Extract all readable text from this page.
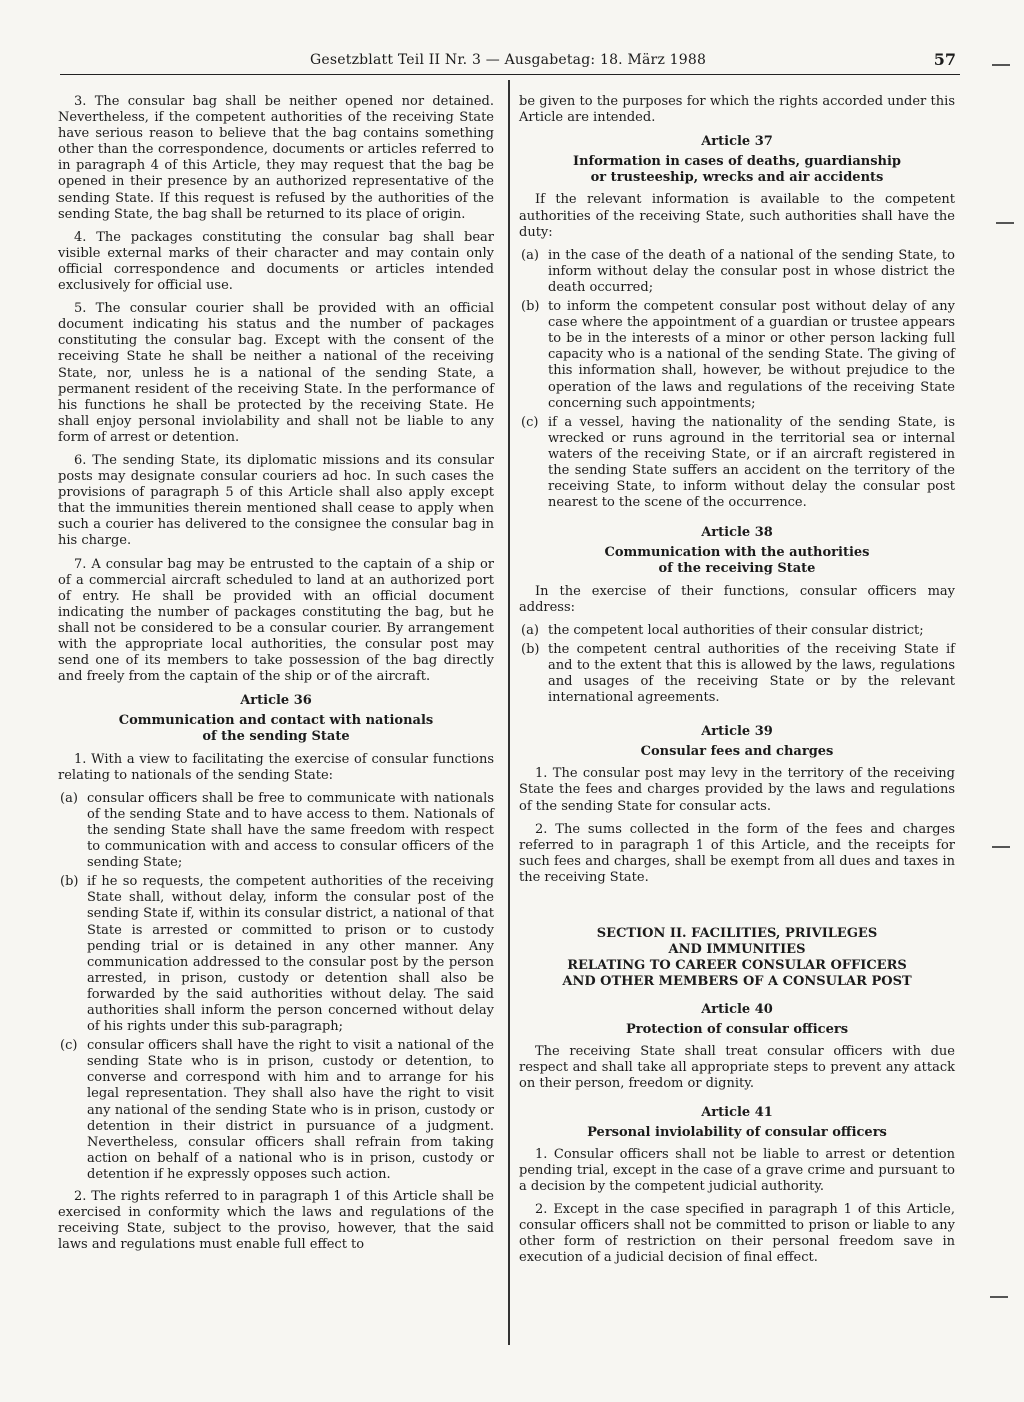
Gesetzblatt Teil II Nr. 3 — Ausgabetag: 18. März 1988	57

3. The consular bag shall be neither opened nor detained. Nevertheless, if the competent authorities of the receiving State have serious reason to believe that the bag contains something other than the correspondence, documents or articles referred to in paragraph 4 of this Article, they may request that the bag be opened in their presence by an authorized representative of the sending State. If this request is refused by the authorities of the sending State, the bag shall be returned to its place of origin.

4. The packages constituting the consular bag shall bear visible external marks of their character and may contain only official correspondence and documents or articles intended exclusively for official use.

5. The consular courier shall be provided with an official document indicating his status and the number of packages constituting the consular bag. Except with the consent of the receiving State he shall be neither a national of the receiving State, nor, unless he is a national of the sending State, a permanent resident of the receiving State. In the performance of his functions he shall be protected by the receiving State. He shall enjoy personal inviolability and shall not be liable to any form of arrest or detention.

6. The sending State, its diplomatic missions and its consular posts may designate consular couriers ad hoc. In such cases the provisions of paragraph 5 of this Article shall also apply except that the immunities therein mentioned shall cease to apply when such a courier has delivered to the consignee the consular bag in his charge.

7. A consular bag may be entrusted to the captain of a ship or of a commercial aircraft scheduled to land at an authorized port of entry. He shall be provided with an official document indicating the number of packages constituting the bag, but he shall not be considered to be a consular courier. By arrangement with the appropriate local authorities, the consular post may send one of its members to take possession of the bag directly and freely from the captain of the ship or of the aircraft.

Article 36
Communication and contact with nationals
of the sending State

1. With a view to facilitating the exercise of consular functions relating to nationals of the sending State:

(a) consular officers shall be free to communicate with nationals of the sending State and to have access to them. Nationals of the sending State shall have the same freedom with respect to communication with and access to consular officers of the sending State;
(b) if he so requests, the competent authorities of the receiving State shall, without delay, inform the consular post of the sending State if, within its consular district, a national of that State is arrested or committed to prison or to custody pending trial or is detained in any other manner. Any communication addressed to the consular post by the person arrested, in prison, custody or detention shall also be forwarded by the said authorities without delay. The said authorities shall inform the person concerned without delay of his rights under this sub-paragraph;
(c) consular officers shall have the right to visit a national of the sending State who is in prison, custody or detention, to converse and correspond with him and to arrange for his legal representation. They shall also have the right to visit any national of the sending State who is in prison, custody or detention in their district in pursuance of a judgment. Nevertheless, consular officers shall refrain from taking action on behalf of a national who is in prison, custody or detention if he expressly opposes such action.

2. The rights referred to in paragraph 1 of this Article shall be exercised in conformity which the laws and regulations of the receiving State, subject to the proviso, however, that the said laws and regulations must enable full effect to

be given to the purposes for which the rights accorded under this Article are intended.

Article 37
Information in cases of deaths, guardianship
or trusteeship, wrecks and air accidents

If the relevant information is available to the competent authorities of the receiving State, such authorities shall have the duty:

(a) in the case of the death of a national of the sending State, to inform without delay the consular post in whose district the death occurred;
(b) to inform the competent consular post without delay of any case where the appointment of a guardian or trustee appears to be in the interests of a minor or other person lacking full capacity who is a national of the sending State. The giving of this information shall, however, be without prejudice to the operation of the laws and regulations of the receiving State concerning such appointments;
(c) if a vessel, having the nationality of the sending State, is wrecked or runs aground in the territorial sea or internal waters of the receiving State, or if an aircraft registered in the sending State suffers an accident on the territory of the receiving State, to inform without delay the consular post nearest to the scene of the occurrence.
Article 38
Communication with the authorities
of the receiving State

In the exercise of their functions, consular officers may address:

(a) the competent local authorities of their consular district;
(b) the competent central authorities of the receiving State if and to the extent that this is allowed by the laws, regulations and usages of the receiving State or by the relevant international agreements.
Article 39
Consular fees and charges

1. The consular post may levy in the territory of the receiving State the fees and charges provided by the laws and regulations of the sending State for consular acts.

2. The sums collected in the form of the fees and charges referred to in paragraph 1 of this Article, and the receipts for such fees and charges, shall be exempt from all dues and taxes in the receiving State.

SECTION II. FACILITIES, PRIVILEGES
AND IMMUNITIES
RELATING TO CAREER CONSULAR OFFICERS
AND OTHER MEMBERS OF A CONSULAR POST
Article 40
Protection of consular officers

The receiving State shall treat consular officers with due respect and shall take all appropriate steps to prevent any attack on their person, freedom or dignity.

Article 41
Personal inviolability of consular officers

1. Consular officers shall not be liable to arrest or detention pending trial, except in the case of a grave crime and pursuant to a decision by the competent judicial authority.

2. Except in the case specified in paragraph 1 of this Article, consular officers shall not be committed to prison or liable to any other form of restriction on their personal freedom save in execution of a judicial decision of final effect.
